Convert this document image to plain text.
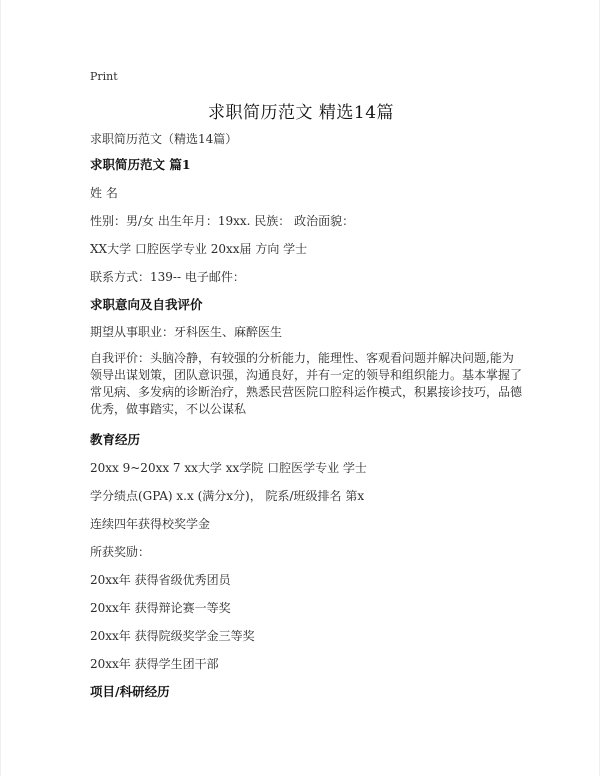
Print
求职简历范文 精选14篇
求职简历范文（精选14篇）
求职简历范文 篇1
姓 名
性别：男/女 出生年月：19xx. 民族： 政治面貌：
XX大学 口腔医学专业 20xx届 方向 学士
联系方式：139-- 电子邮件：
求职意向及自我评价
期望从事职业：牙科医生、麻醉医生
自我评价：头脑冷静，有较强的分析能力，能理性、客观看问题并解决问题,能为
领导出谋划策，团队意识强，沟通良好，并有一定的领导和组织能力。基本掌握了
常见病、多发病的诊断治疗，熟悉民营医院口腔科运作模式，积累接诊技巧，品德
优秀，做事踏实，不以公谋私
教育经历
20xx 9~20xx 7 xx大学 xx学院 口腔医学专业 学士
学分绩点(GPA) x.x (满分x分)， 院系/班级排名 第x
连续四年获得校奖学金
所获奖励：
20xx年 获得省级优秀团员
20xx年 获得辩论赛一等奖
20xx年 获得院级奖学金三等奖
20xx年 获得学生团干部
项目/科研经历
